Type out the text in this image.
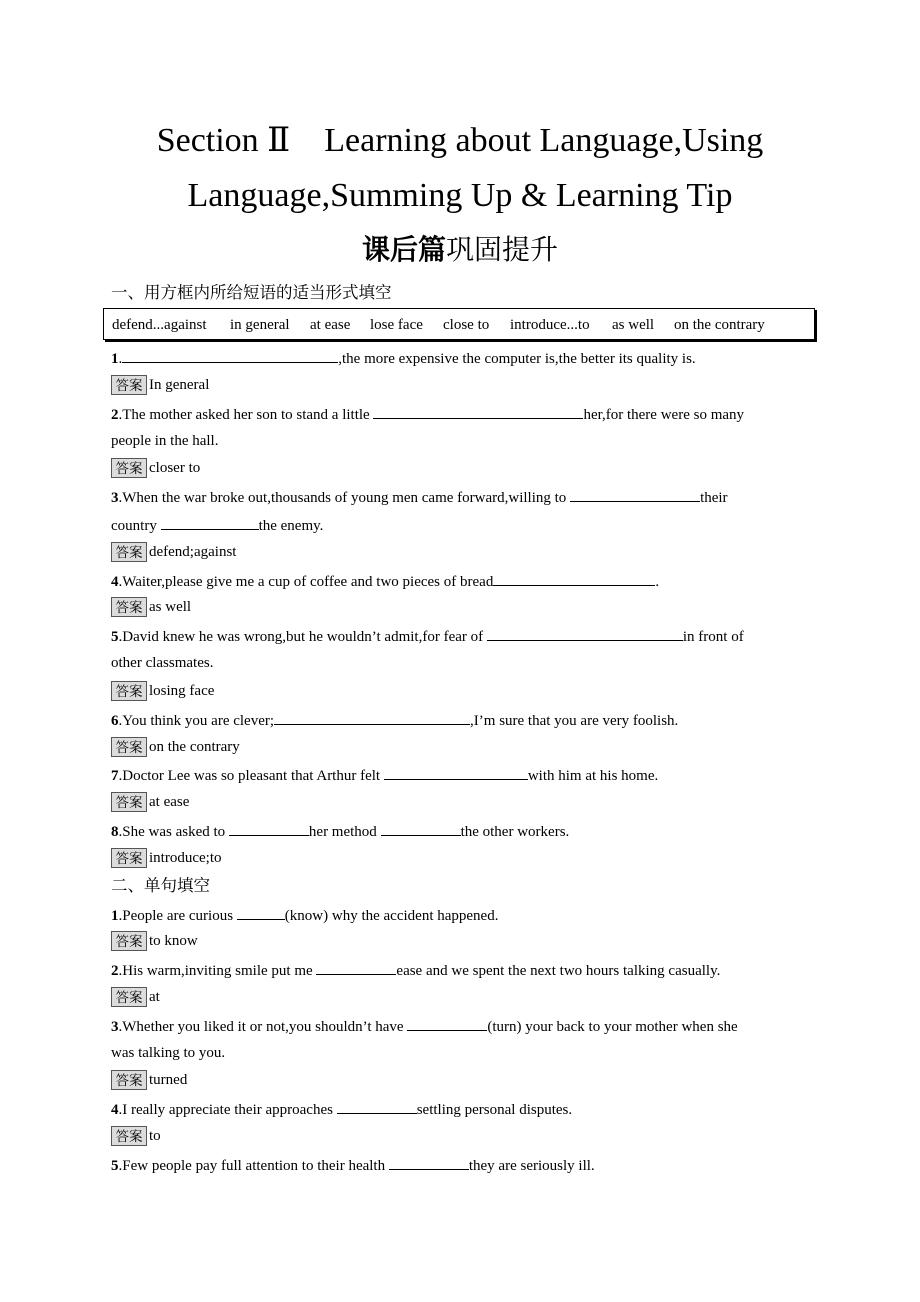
Section Ⅱ　Learning about Language,Using
Language,Summing Up & Learning Tip
课后篇巩固提升
一、用方框内所给短语的适当形式填空
defend...against in general at ease lose face close to introduce...to as well on the contrary
1.	,the more expensive the computer is,the better its quality is.
答案 In general
2.The mother asked her son to stand a little	her,for there were so many
people in the hall.
答案 closer to
3.When the war broke out,thousands of young men came forward,willing to	their
country	the enemy.
答案 defend;against
4.Waiter,please give me a cup of coffee and two pieces of bread	.
答案 as well
5.David knew he was wrong,but he wouldn’t admit,for fear of	in front of
other classmates.
答案 losing face
6.You think you are clever;	,I’m sure that you are very foolish.
答案 on the contrary
7.Doctor Lee was so pleasant that Arthur felt	with him at his home.
答案 at ease
8.She was asked to	her method	the other workers.
答案 introduce;to
二、单句填空
1.People are curious	(know) why the accident happened.
答案 to know
2.His warm,inviting smile put me	ease and we spent the next two hours talking casually.
答案 at
3.Whether you liked it or not,you shouldn’t have	(turn) your back to your mother when she
was talking to you.
答案 turned
4.I really appreciate their approaches	settling personal disputes.
答案 to
5.Few people pay full attention to their health	they are seriously ill.
